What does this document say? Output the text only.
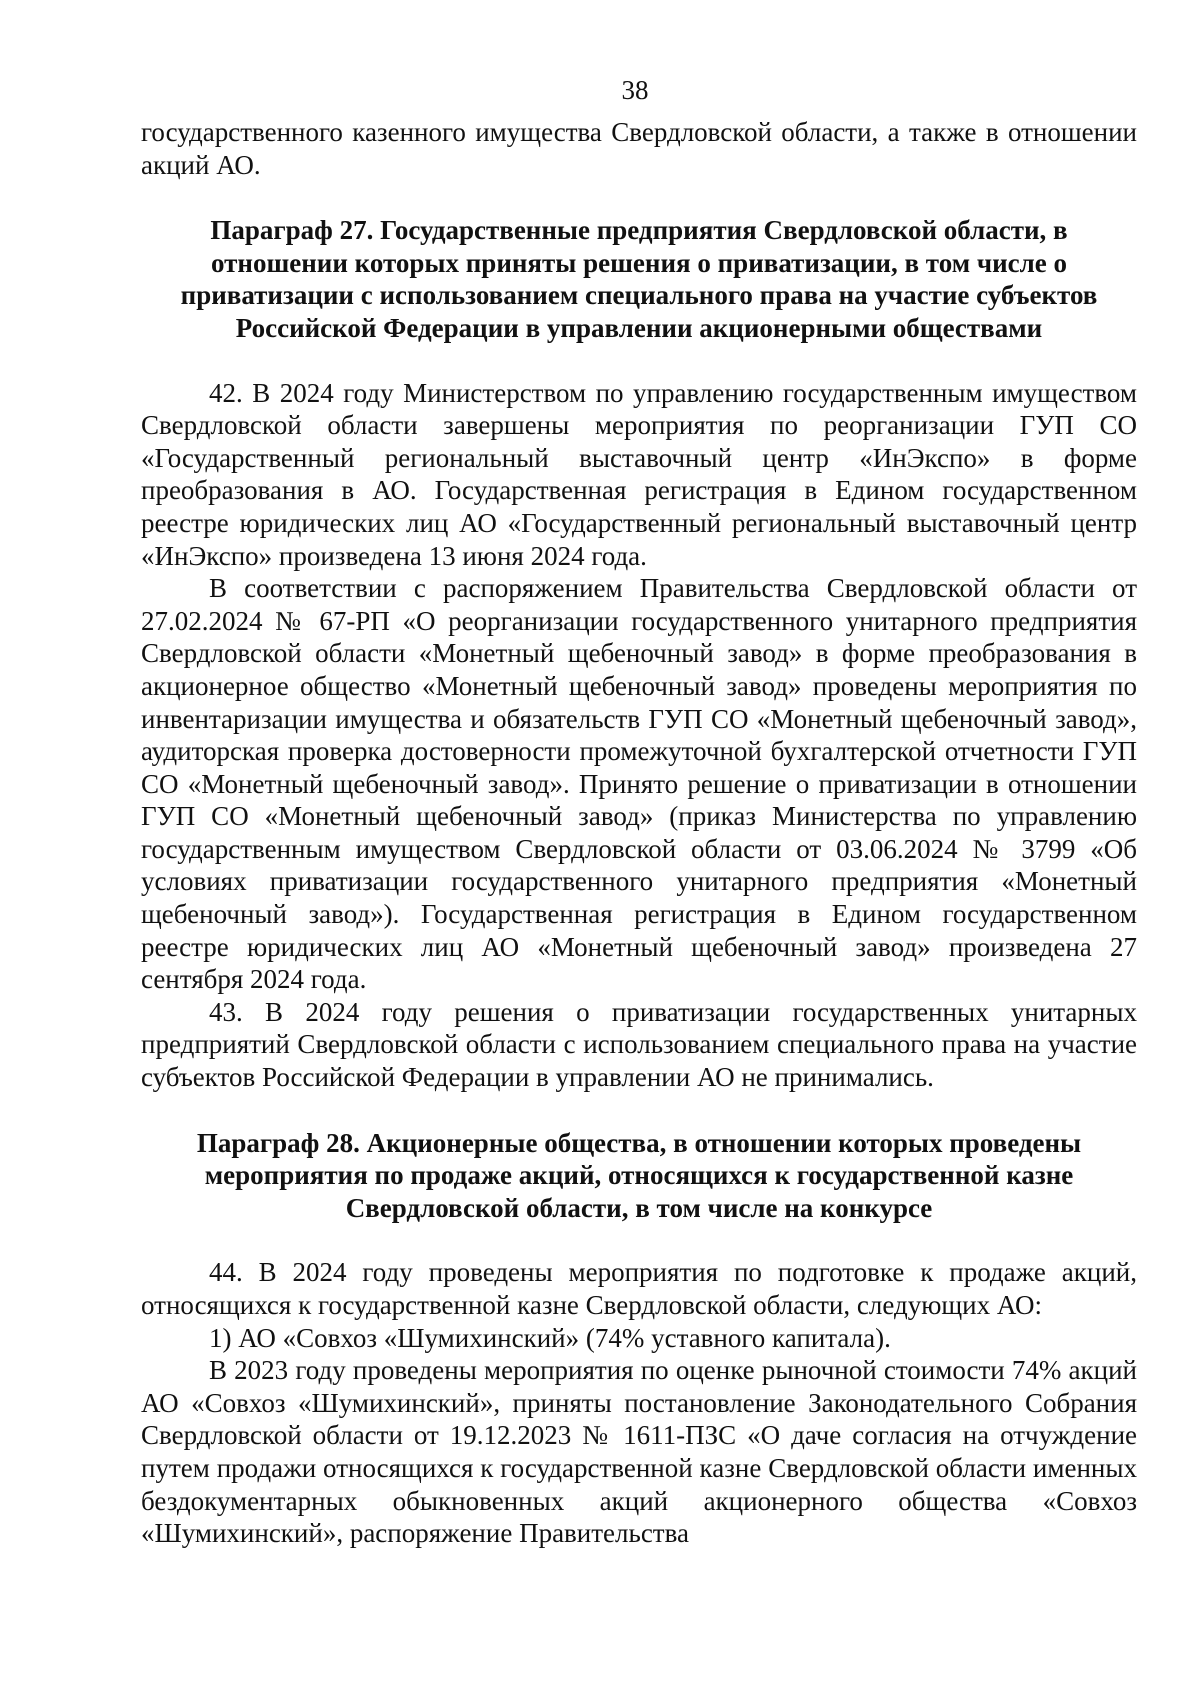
38

государственного казенного имущества Свердловской области, а также в отношении акций АО.

Параграф 27. Государственные предприятия Свердловской области, в отношении которых приняты решения о приватизации, в том числе о приватизации с использованием специального права на участие субъектов Российской Федерации в управлении акционерными обществами

42. В 2024 году Министерством по управлению государственным имуществом Свердловской области завершены мероприятия по реорганизации ГУП СО «Государственный региональный выставочный центр «ИнЭкспо» в форме преобразования в АО. Государственная регистрация в Едином государственном реестре юридических лиц АО «Государственный региональный выставочный центр «ИнЭкспо» произведена 13 июня 2024 года.

В соответствии с распоряжением Правительства Свердловской области от 27.02.2024 № 67-РП «О реорганизации государственного унитарного предприятия Свердловской области «Монетный щебеночный завод» в форме преобразования в акционерное общество «Монетный щебеночный завод» проведены мероприятия по инвентаризации имущества и обязательств ГУП СО «Монетный щебеночный завод», аудиторская проверка достоверности промежуточной бухгалтерской отчетности ГУП СО «Монетный щебеночный завод». Принято решение о приватизации в отношении ГУП СО «Монетный щебеночный завод» (приказ Министерства по управлению государственным имуществом Свердловской области от 03.06.2024 № 3799 «Об условиях приватизации государственного унитарного предприятия «Монетный щебеночный завод»). Государственная регистрация в Едином государственном реестре юридических лиц АО «Монетный щебеночный завод» произведена 27 сентября 2024 года.

43. В 2024 году решения о приватизации государственных унитарных предприятий Свердловской области с использованием специального права на участие субъектов Российской Федерации в управлении АО не принимались.

Параграф 28. Акционерные общества, в отношении которых проведены мероприятия по продаже акций, относящихся к государственной казне Свердловской области, в том числе на конкурсе

44. В 2024 году проведены мероприятия по подготовке к продаже акций, относящихся к государственной казне Свердловской области, следующих АО:

1) АО «Совхоз «Шумихинский» (74% уставного капитала).

В 2023 году проведены мероприятия по оценке рыночной стоимости 74% акций АО «Совхоз «Шумихинский», приняты постановление Законодательного Собрания Свердловской области от 19.12.2023 № 1611-ПЗС «О даче согласия на отчуждение путем продажи относящихся к государственной казне Свердловской области именных бездокументарных обыкновенных акций акционерного общества «Совхоз «Шумихинский», распоряжение Правительства
